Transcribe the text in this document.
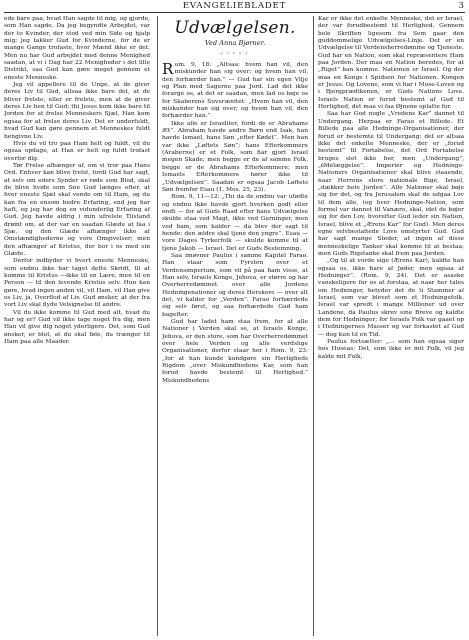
EVANGELIEBLADET	3

ede bare paa, hvad Han sagde til mig, og gjorde, som Han sagde. Da jeg begyndte Arbejdet, var der to Kvinder, der stod ved min Side og hjalp mig; jeg takker Gud for Kvinderne, for de er mange Gange trofaste, hvor Mænd ikke er det. Men nu har Gud arbejdet med denne Menighed saadan, at vi i Dag har 22 Menigheder i det lille Distrikt, saa Gud kan gøre meget gennem et eneste Menneske.

Jeg vil appellere til de Unge, at de giver deres Liv til Gud, altsaa ikke bare det, at de bliver frelste, eller er frelste, men at de giver deres Liv hen til Gud; thi Jesus kom ikke bare til Jorden for at frelse Menneskers Sjæl, Han kom ogsaa for at frelse deres Liv. Det er underfuldt, hvad Gud kan gøre gennem et Menneskes fuldt hengivne Liv.

Hvis du vil tro paa Ham helt og fuldt, vil du ogsaa opdage, at Han er helt og fuldt trofast overfor dig.

Tør Frelse afhænger af, om vi tror paa Hans Ord. Enhver kan blive frelst, fordi Gud har sagt, at selv om eders Synder er røde som Blod, skal de blive hvide som Sne Gud længes efter, at hver eneste Sjæl skal vende om til Ham, og du kan fra en ensom bedre Erfaring, end jeg har haft, og jeg har dog en vidunderlig Erfaring af Gud. Jeg havde aldrig i min ufrelste Tilstand drømt om, at der var en saadan Glæde at faa i Sjæ, og den Glæde afhænger ikke af Omstændighederne og vore Omgivelser; men den afhænger af Kristus, der bor i os med sin Glæde.

Derfor indbyder vi hvert eneste Menneske, som endnu ikke har taget dette Skridt, til at komme til Kristus —ikke til en Lære, men til en Person — til den levende Kristus selv. Hun kan gøre, hvad ingen anden vil, vil Ham, vil Han give os Liv, ja, Overflod af Liv. Gud ønsker, at der fra vort Liv skal flyde Velsignelse til andre.

Vil du ikke komme til Gud med alt, hvad du har og er? Gud vil ikke tage noget fra dig, men Han vil give dig noget yderligere. Det, som Gud ønsker, er blot, at du skal føle, du trænger til Ham paa alle Maader.

Udvælgelsen.
Ved Anna Bjørner.
◦◦◦◦◦

Rom. 9, 18: „Altsaa: hvem han vil, den miskunder han sig over; og hvem han vil, den forhærder han.” — Gud har sin egen Vilje og Plan med Sagerne paa Jord. Lad det ikke forarge os, at det er saadan, men lad os bøje os for Skaberens Suverænitet: „Hvem han vil, den miskunder han sig over; og hvem han vil, den forhærder han.”

Ikke alle er Israeliter, fordi de er Abrahams Æt”. Abraham havde andre Børn end Isak, han havde Ismael, hans Søn „efter Kødet”. Men han var ikke „Løftets Søn”; hans Efterkommere (Araberne) er et Folk, som har gjort Israel megen Skade; men begge er de af samme Folk, begge er de Abrahams Efterkommere; men Ismaels Efterkommere hører ikke til „Udvælgelsen”. Saadan er ogsaa Jacob Løftets Søn fremfor Esau (1. Mos. 25, 23).

Rom. 9, 11—12: „Thi da de endnu var ufødte og endnu ikke havde gjort hverken godt eller ondt — for at Guds Raad efter hans Udvælgelse skulde staa ved Magt, ikke ved Gerninger, men ved ham, som kalder — da blev der sagt til hende: den ældre skal tjene den yngre”. Esau — vore Dages Tyrkerfolk — skulde komme til at tjene Jakob — Israel. Det er Guds Bestemning.

Saa imøvner Paulus i samme Kapitel Farao. Han staar som Fyrsten over et Verdensimperium, som vil på paa ham visse, at Han selv, Israels Konge, Jehova, er større og har Overherredømmet over alle Jordens Hedningenationer og deres Herskere — over alt det, vi kalder for „Verden”. Farao forhærdede sig selv først, og saa forhærdede Gud ham bagefter.

Gud har ladet ham staa frem, for at alle Nationer i Verden skal se, at Israels Konge, Jehova, er den store, som har Overherredømmet over hele Verden og alle verdslige Organisationer, derfor staar her i Rom. 9, 23: „for at han kunde kundgøre sin Herligheds Rigdom „over Miskundhedens Kar, som han forud havde bestemt til Herlighed.” Miskundhedens

Kar er ikke det enkelte Menneske, det er Israel, der var forudbestemt til Herlighed. Gennem hele Skriften ligesom fra Sem gaar den guddommelige Udvælgelses-Linje. Det er en Udvælgelse til Verdensherredømme og Tjeneste. Gud har en Nation, som skal repræsentere Ham paa Jorden. Der maa en Nation beredes, for at „Riget” kan komme. Nationen er Israel. Og der maa en Konge i Spidsen for Nationen. Kongen er Jesus. Og Lovene, som vi har i Mose-Loven og i Bjergprædikenen, er Guds Nations Love. Israels Nation er forud bestemt af Gud til Herlighed, det maa vi faa Øjnene oplatte for.

Saa har Gud nogle „Vredens Kar” dannet til Undergang. Herpaa er Farao et Billede. Et Billede paa alle Hedninge-Organisationer, der forud er bestemte til Undergang; det er altsaa ikke det enkelte Menneske, der er „forud bestemt” til Fortabelse, det Ord Fortabelse bruges slet ikke her, men „Undergang”, „Ødelæggelse”. Imperier og Hedninge-Nationers Organisationer skal blive staaende, naar Herrens store nationale Bige, Israel, „dækker hele Jorden”. Alle Nationer skal bøje sig for det, og fra Jerusalem skal de udgaa Lov til dem alle, (og hver Hedninge-Nation, som formel var dannet til Vanære, skal, idet de bøjer sig for den Lov, hvorefter Gud leder sin Nation, Israel, blive et „Ærens Kar” for Gud). Men deres egne selvbestaltede Love omstyrter Gud. Gud har sagt mange Steder, at ingen af disse menneskelige Tanker skal komme til at bestaa; men Guds Rigstanke skal frem paa Jorden.

„Og til at vorde sige (Ærens Kar), kaldte han ogsaa os, ikke bare af Jøder, men ogsaa af Hedninger”. (Rom. 9, 24). Det er asaske vanskeligere for os at forstaa, at naar her tales om Hedninger, betyder det de ti Stammer af Israel, som var blevet som et Hedningefolk. Israel var spredt i mange Millioner ud over Landene, da Paulus skrev sine Breve og kaldte dem for Hedninger; for Israels Folk var gaaet op i Hedningernes Masser og var forkastet af Gud — dog kun til en Tid.

Paulus fortsætter: „... som han ogsaa siger hos Hoseas: Det, som ikke er mit Folk, vil jeg kalde mit Folk,
